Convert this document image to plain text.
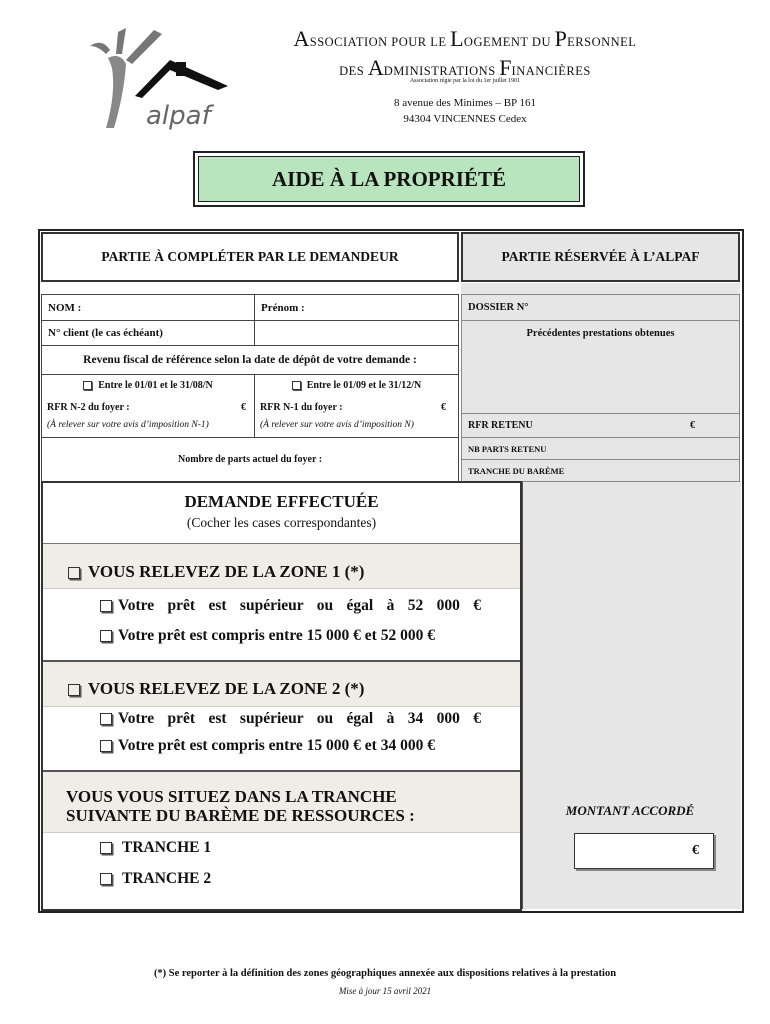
alpaf
ASSOCIATION POUR LE LOGEMENT DU PERSONNEL
DES ADMINISTRATIONS FINANCIÈRES
Association régie par la loi du 1er juillet 1901
8 avenue des Minimes – BP 161
94304 VINCENNES Cedex
AIDE À LA PROPRIÉTÉ
PARTIE À COMPLÉTER PAR LE DEMANDEUR	PARTIE RÉSERVÉE À L’ALPAF
NOM :	Prénom :
N° client (le cas échéant)
Revenu fiscal de référence selon la date de dépôt de votre demande :
Entre le 01/01 et le 31/08/N
RFR N-2 du foyer :	€
(À relever sur votre avis d’imposition N-1)
Entre le 01/09 et le 31/12/N
RFR N-1 du foyer :	€
(À relever sur votre avis d’imposition N)
Nombre de parts actuel du foyer :
DOSSIER N°
Précédentes prestations obtenues
RFR RETENU	€
NB PARTS RETENU
TRANCHE DU BARÈME
DEMANDE EFFECTUÉE
(Cocher les cases correspondantes)
VOUS RELEVEZ DE LA ZONE 1 (*)
Votre prêt est supérieur ou égal à 52 000 €
Votre prêt est compris entre 15 000 € et 52 000 €
VOUS RELEVEZ DE LA ZONE 2 (*)
Votre prêt est supérieur ou égal à 34 000 €
Votre prêt est compris entre 15 000 € et 34 000 €
VOUS VOUS SITUEZ DANS LA TRANCHE
SUIVANTE DU BARÈME DE RESSOURCES :
TRANCHE 1
TRANCHE 2
MONTANT ACCORDÉ
€
(*) Se reporter à la définition des zones géographiques annexée aux dispositions relatives à la prestation
Mise à jour 15 avril 2021
